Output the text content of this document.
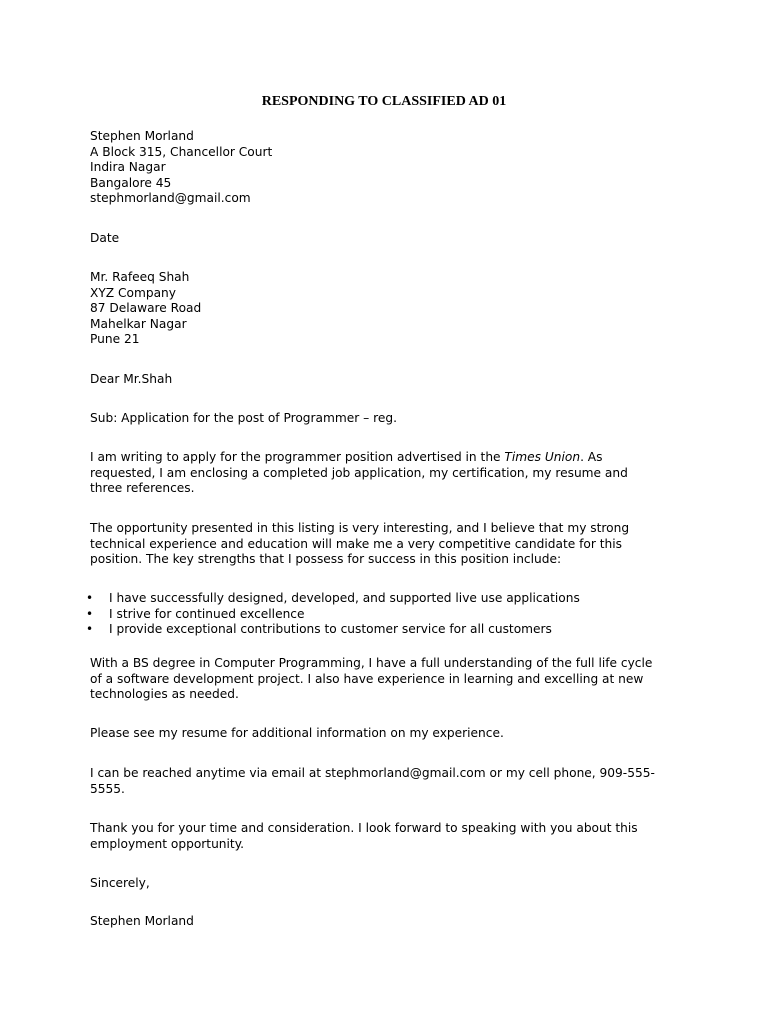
RESPONDING TO CLASSIFIED AD 01
Stephen Morland
A Block 315, Chancellor Court
Indira Nagar
Bangalore 45
stephmorland@gmail.com
Date
Mr. Rafeeq Shah
XYZ Company
87 Delaware Road
Mahelkar Nagar
Pune 21
Dear Mr.Shah
Sub: Application for the post of Programmer – reg.
I am writing to apply for the programmer position advertised in the Times Union. As
requested, I am enclosing a completed job application, my certification, my resume and
three references.
The opportunity presented in this listing is very interesting, and I believe that my strong
technical experience and education will make me a very competitive candidate for this
position. The key strengths that I possess for success in this position include:
• I have successfully designed, developed, and supported live use applications
• I strive for continued excellence
• I provide exceptional contributions to customer service for all customers
With a BS degree in Computer Programming, I have a full understanding of the full life cycle
of a software development project. I also have experience in learning and excelling at new
technologies as needed.
Please see my resume for additional information on my experience.
I can be reached anytime via email at stephmorland@gmail.com or my cell phone, 909-555-
5555.
Thank you for your time and consideration. I look forward to speaking with you about this
employment opportunity.
Sincerely,
Stephen Morland
